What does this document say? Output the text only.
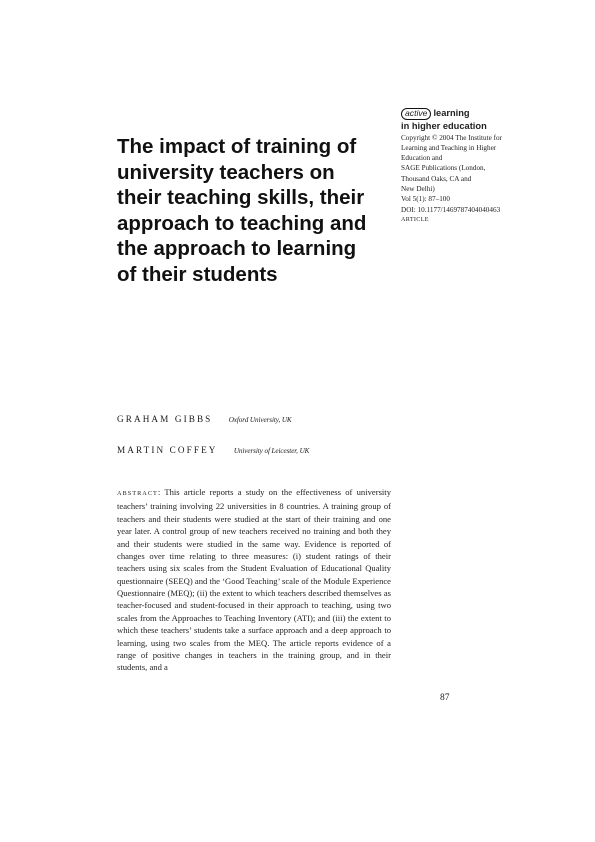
The impact of training of university teachers on their teaching skills, their approach to teaching and the approach to learning of their students
active learning
in higher education
Copyright © 2004 The Institute for
Learning and Teaching in Higher
Education and
SAGE Publications (London,
Thousand Oaks, CA and
New Delhi)
Vol 5(1): 87–100
DOI: 10.1177/1469787404040463
ARTICLE
GRAHAM GIBBS Oxford University, UK
MARTIN COFFEY University of Leicester, UK

ABSTRACT: This article reports a study on the effectiveness of university teachers’ training involving 22 universities in 8 countries. A training group of teachers and their students were studied at the start of their training and one year later. A control group of new teachers received no training and both they and their students were studied in the same way. Evidence is reported of changes over time relating to three measures: (i) student ratings of their teachers using six scales from the Student Evaluation of Educational Quality questionnaire (SEEQ) and the ‘Good Teaching’ scale of the Module Experience Questionnaire (MEQ); (ii) the extent to which teachers described themselves as teacher-focused and student-focused in their approach to teaching, using two scales from the Approaches to Teaching Inventory (ATI); and (iii) the extent to which these teachers’ students take a surface approach and a deep approach to learning, using two scales from the MEQ. The article reports evidence of a range of positive changes in teachers in the training group, and in their students, and a

87
